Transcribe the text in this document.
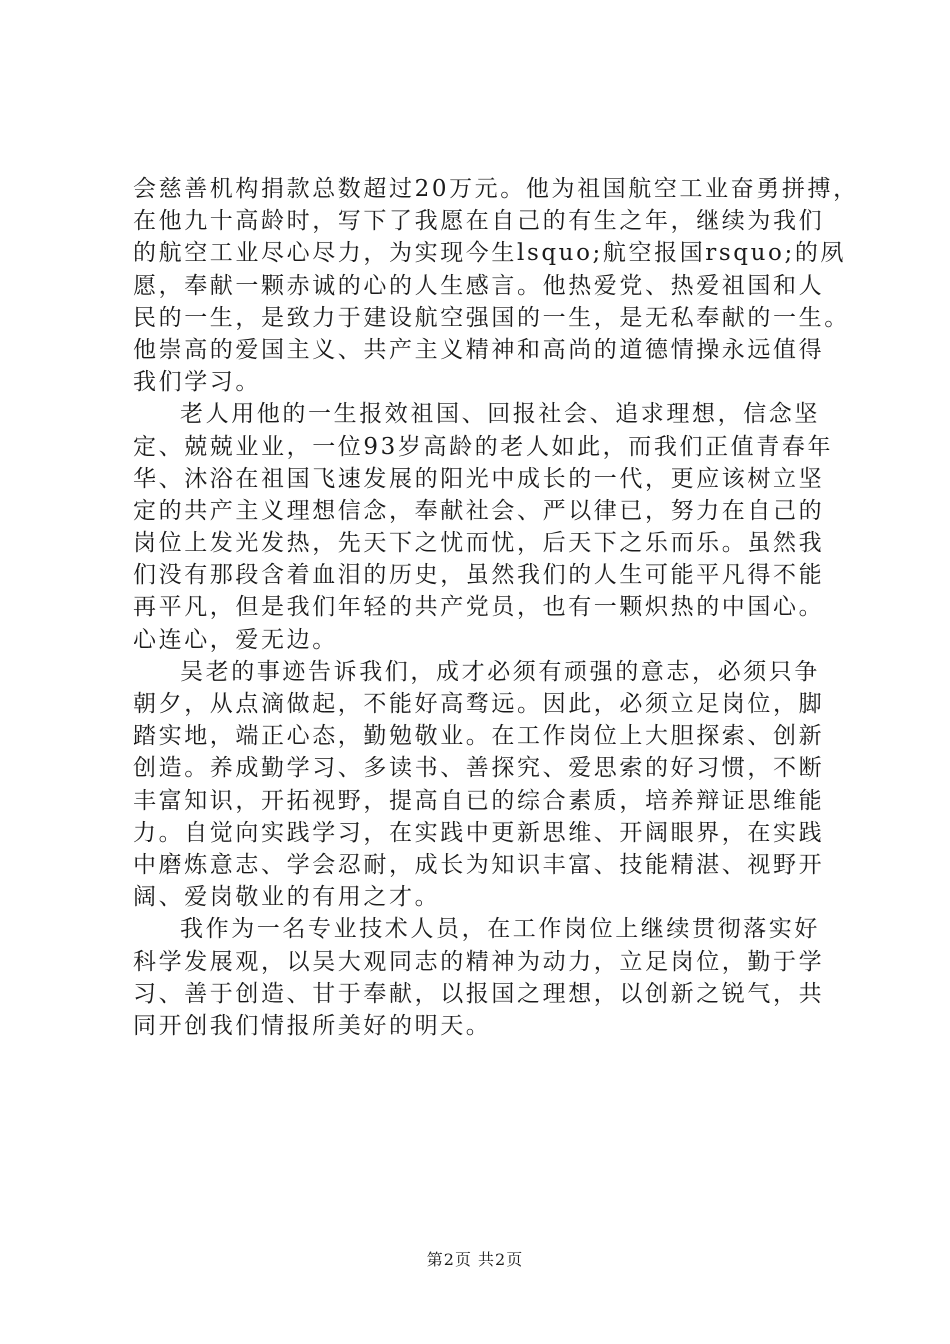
会慈善机构捐款总数超过20万元。他为祖国航空工业奋勇拼搏，
在他九十高龄时，写下了我愿在自己的有生之年，继续为我们
的航空工业尽心尽力，为实现今生lsquo;航空报国rsquo;的夙
愿，奉献一颗赤诚的心的人生感言。他热爱党、热爱祖国和人
民的一生，是致力于建设航空强国的一生，是无私奉献的一生。
他崇高的爱国主义、共产主义精神和高尚的道德情操永远值得
我们学习。
老人用他的一生报效祖国、回报社会、追求理想，信念坚
定、兢兢业业，一位93岁高龄的老人如此，而我们正值青春年
华、沐浴在祖国飞速发展的阳光中成长的一代，更应该树立坚
定的共产主义理想信念，奉献社会、严以律已，努力在自己的
岗位上发光发热，先天下之忧而忧，后天下之乐而乐。虽然我
们没有那段含着血泪的历史，虽然我们的人生可能平凡得不能
再平凡，但是我们年轻的共产党员，也有一颗炽热的中国心。
心连心，爱无边。
吴老的事迹告诉我们，成才必须有顽强的意志，必须只争
朝夕，从点滴做起，不能好高骛远。因此，必须立足岗位，脚
踏实地，端正心态，勤勉敬业。在工作岗位上大胆探索、创新
创造。养成勤学习、多读书、善探究、爱思索的好习惯，不断
丰富知识，开拓视野，提高自已的综合素质，培养辩证思维能
力。自觉向实践学习，在实践中更新思维、开阔眼界，在实践
中磨炼意志、学会忍耐，成长为知识丰富、技能精湛、视野开
阔、爱岗敬业的有用之才。
我作为一名专业技术人员，在工作岗位上继续贯彻落实好
科学发展观，以吴大观同志的精神为动力，立足岗位，勤于学
习、善于创造、甘于奉献，以报国之理想，以创新之锐气，共
同开创我们情报所美好的明天。
第2页 共2页
